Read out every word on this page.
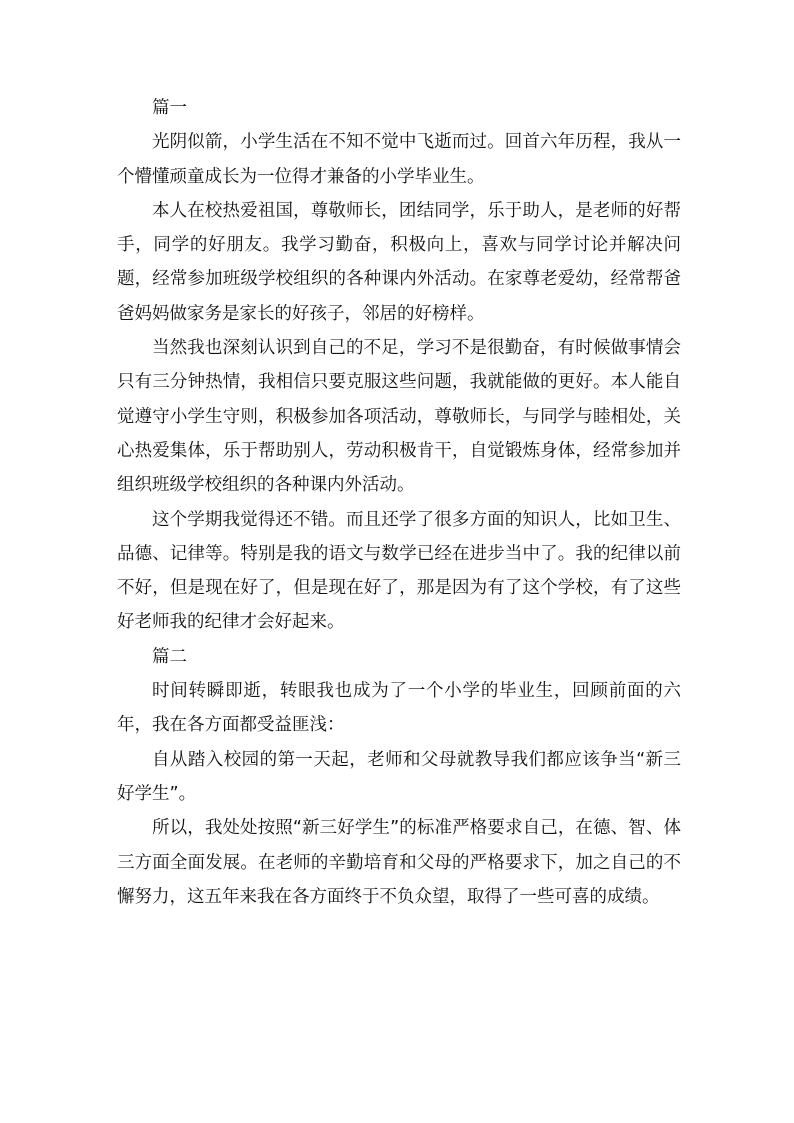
篇一

光阴似箭，小学生活在不知不觉中飞逝而过。回首六年历程，我从一个懵懂顽童成长为一位得才兼备的小学毕业生。

本人在校热爱祖国，尊敬师长，团结同学，乐于助人，是老师的好帮手，同学的好朋友。我学习勤奋，积极向上，喜欢与同学讨论并解决问题，经常参加班级学校组织的各种课内外活动。在家尊老爱幼，经常帮爸爸妈妈做家务是家长的好孩子，邻居的好榜样。

当然我也深刻认识到自己的不足，学习不是很勤奋，有时候做事情会只有三分钟热情，我相信只要克服这些问题，我就能做的更好。本人能自觉遵守小学生守则，积极参加各项活动，尊敬师长，与同学与睦相处，关心热爱集体，乐于帮助别人，劳动积极肯干，自觉锻炼身体，经常参加并组织班级学校组织的各种课内外活动。

这个学期我觉得还不错。而且还学了很多方面的知识人，比如卫生、品德、记律等。特别是我的语文与数学已经在进步当中了。我的纪律以前不好，但是现在好了，但是现在好了，那是因为有了这个学校，有了这些好老师我的纪律才会好起来。

篇二

时间转瞬即逝，转眼我也成为了一个小学的毕业生，回顾前面的六年，我在各方面都受益匪浅：

自从踏入校园的第一天起，老师和父母就教导我们都应该争当“新三好学生”。

所以，我处处按照“新三好学生”的标准严格要求自己，在德、智、体三方面全面发展。在老师的辛勤培育和父母的严格要求下，加之自己的不懈努力，这五年来我在各方面终于不负众望，取得了一些可喜的成绩。
